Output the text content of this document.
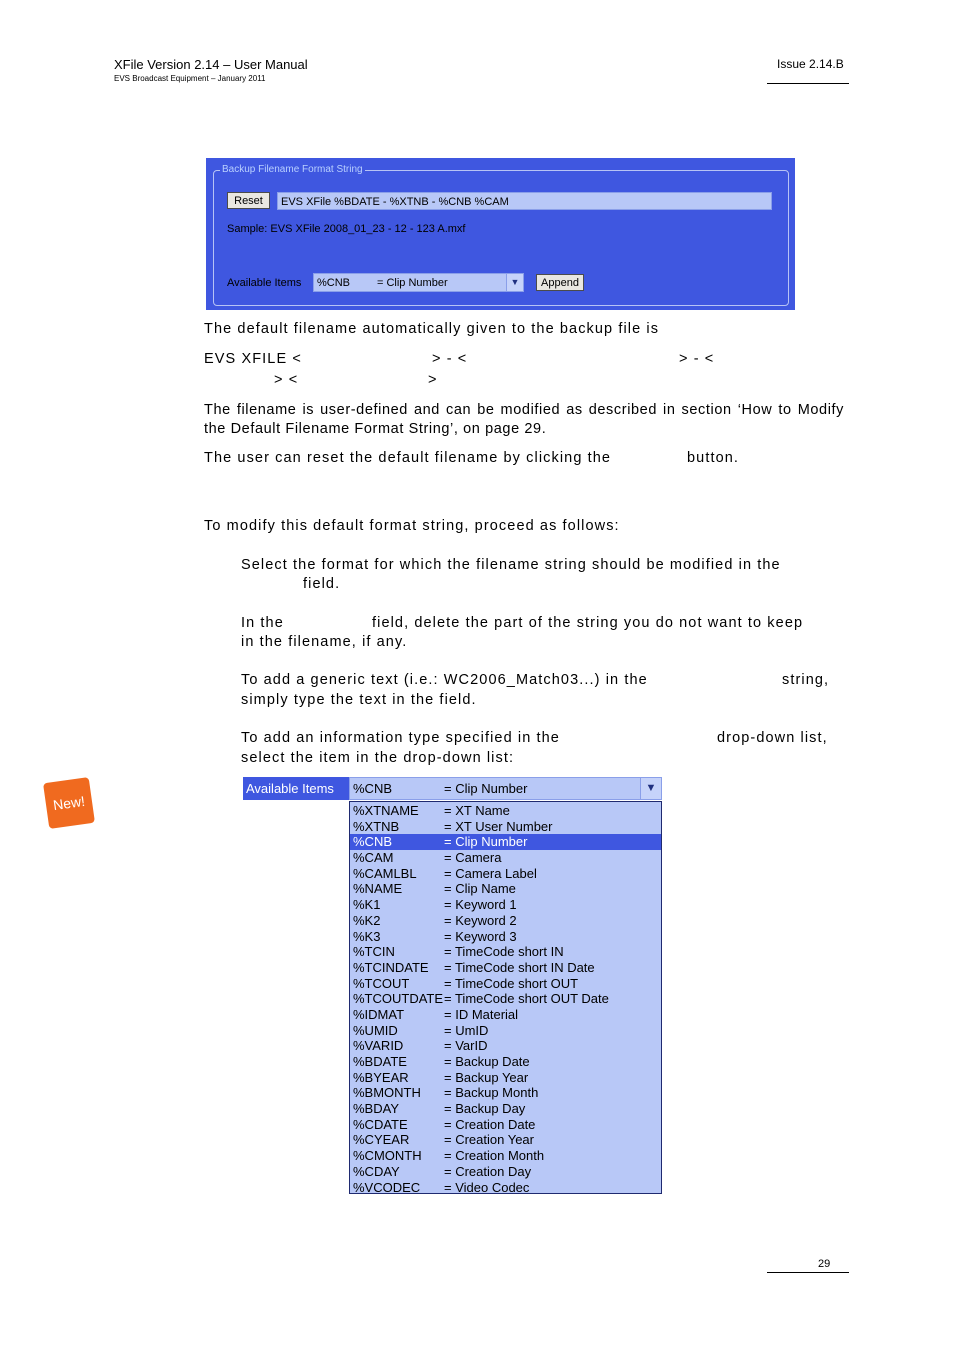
XFile Version 2.14 – User Manual
EVS Broadcast Equipment – January 2011
Issue 2.14.B
Backup Filename Format String
Reset	EVS XFile %BDATE - %XTNB - %CNB %CAM
Sample: EVS XFile 2008_01_23 - 12 - 123 A.mxf
Available Items %CNB = Clip Number	▼	Append
The default filename automatically given to the backup file is
EVS XFILE <	> - <	> - <
> <	>
The filename is user-defined and can be modified as described in section ‘How to Modify the Default Filename Format String’, on page 29.
The user can reset the default filename by clicking the	button.
To modify this default format string, proceed as follows:
Select the format for which the filename string should be modified in the
field.
In the	field, delete the part of the string you do not want to keep
in the filename, if any.
To add a generic text (i.e.: WC2006_Match03...) in the	string,
simply type the text in the field.
To add an information type specified in the	drop-down list,
select the item in the drop-down list:
New!
Available Items	%CNB	= Clip Number	▼
%XTNAME = XT Name
%XTNB	= XT User Number
%CNB	= Clip Number
%CAM	= Camera
%CAMLBL = Camera Label
%NAME	= Clip Name
%K1	= Keyword 1
%K2	= Keyword 2
%K3	= Keyword 3
%TCIN	= TimeCode short IN
%TCINDATE = TimeCode short IN Date
%TCOUT	= TimeCode short OUT
%TCOUTDATE = TimeCode short OUT Date
%IDMAT	= ID Material
%UMID	= UmID
%VARID	= VarID
%BDATE	= Backup Date
%BYEAR	= Backup Year
%BMONTH = Backup Month
%BDAY	= Backup Day
%CDATE	= Creation Date
%CYEAR	= Creation Year
%CMONTH = Creation Month
%CDAY	= Creation Day
%VCODEC = Video Codec
29
